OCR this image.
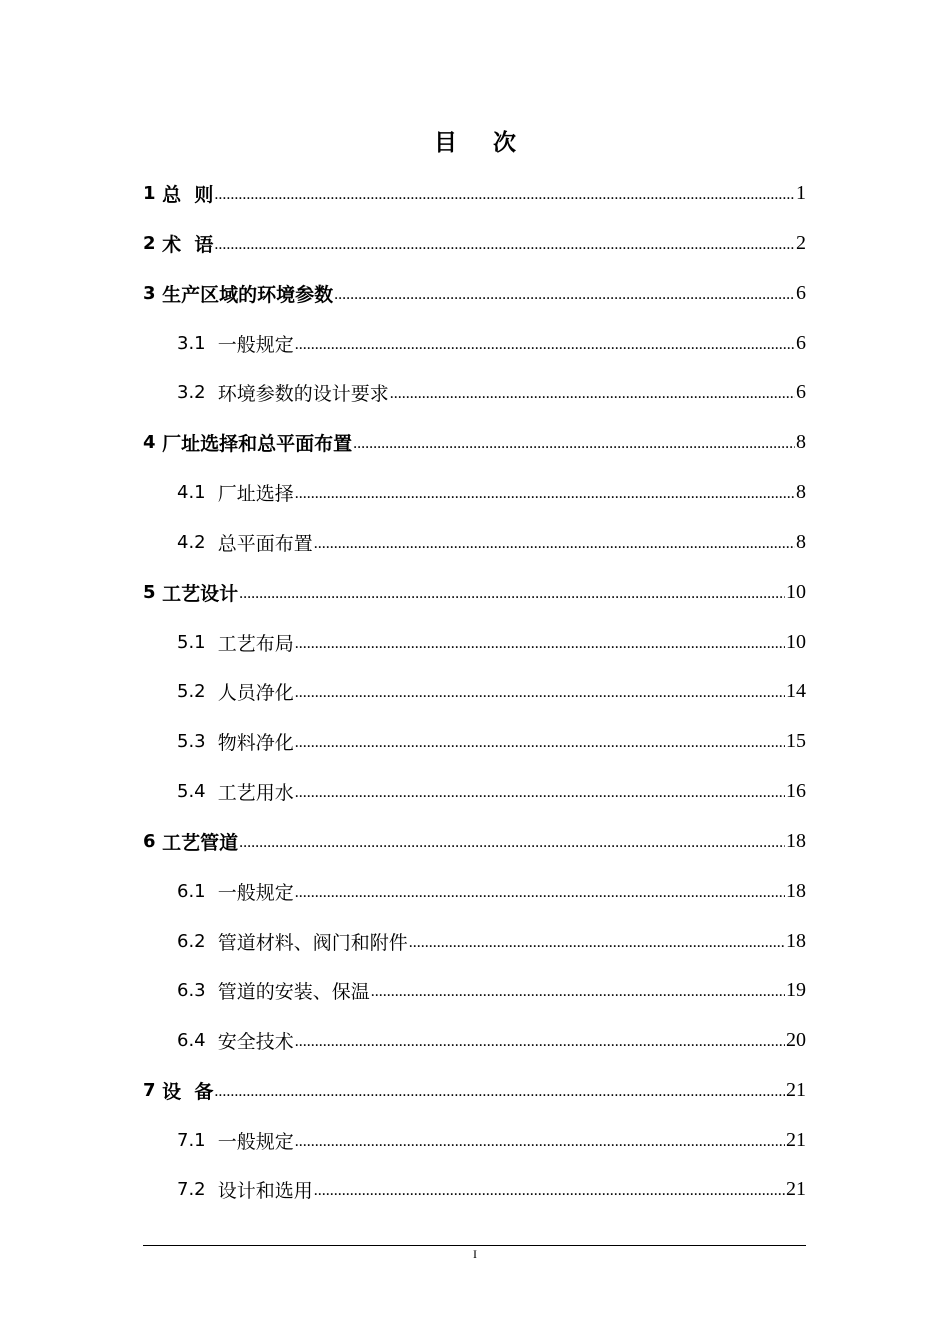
目 次
1 总  则 .....	1
2 术  语 .....	2
3 生产区域的环境参数 .....	6
3.1 一般规定 .....	6
3.2 环境参数的设计要求 .....	6
4 厂址选择和总平面布置 .....	8
4.1 厂址选择 .....	8
4.2 总平面布置 .....	8
5 工艺设计 .....	10
5.1 工艺布局 .....	10
5.2 人员净化 .....	14
5.3 物料净化 .....	15
5.4 工艺用水 .....	16
6 工艺管道 .....	18
6.1 一般规定 .....	18
6.2 管道材料、阀门和附件 .....	18
6.3 管道的安装、保温 .....	19
6.4 安全技术 .....	20
7 设  备 .....	21
7.1 一般规定 .....	21
7.2 设计和选用 .....	21
I
